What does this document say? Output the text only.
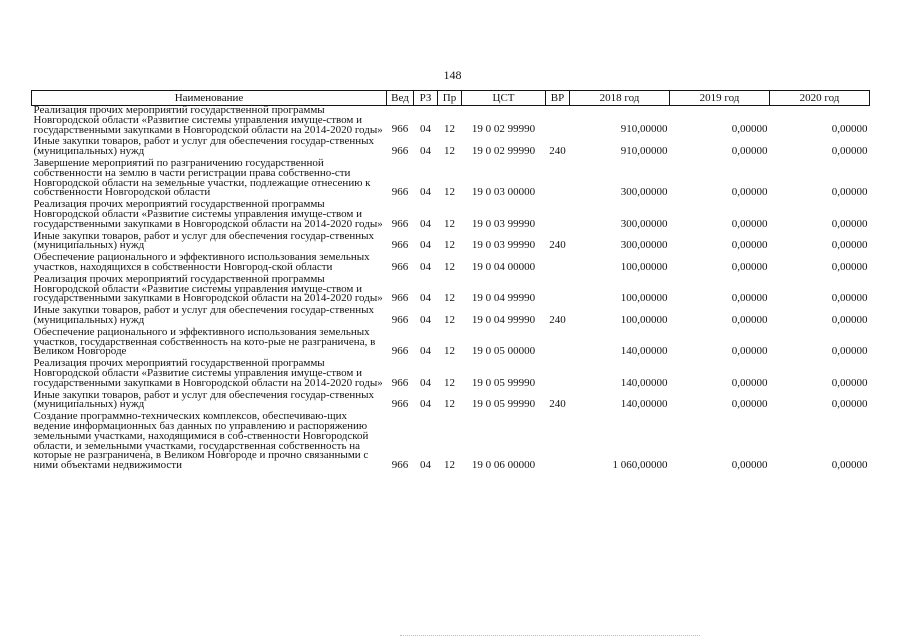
148
Наименование	Вед	РЗ	Пр	ЦСТ	ВР	2018 год	2019 год	2020 год
Реализация прочих мероприятий государственной программы Новгородской области «Развитие системы управления имуще-ством и государственными закупками в Новгородской области на 2014-2020 годы»	966	04	12	19 0 02 99990		910,00000	0,00000	0,00000
Иные закупки товаров, работ и услуг для обеспечения государ-ственных (муниципальных) нужд	966	04	12	19 0 02 99990	240	910,00000	0,00000	0,00000
Завершение мероприятий по разграничению государственной собственности на землю в части регистрации права собственно-сти Новгородской области на земельные участки, подлежащие отнесению к собственности Новгородской области	966	04	12	19 0 03 00000		300,00000	0,00000	0,00000
Реализация прочих мероприятий государственной программы Новгородской области «Развитие системы управления имуще-ством и государственными закупками в Новгородской области на 2014-2020 годы»	966	04	12	19 0 03 99990		300,00000	0,00000	0,00000
Иные закупки товаров, работ и услуг для обеспечения государ-ственных (муниципальных) нужд	966	04	12	19 0 03 99990	240	300,00000	0,00000	0,00000
Обеспечение рационального и эффективного использования земельных участков, находящихся в собственности Новгород-ской области	966	04	12	19 0 04 00000		100,00000	0,00000	0,00000
Реализация прочих мероприятий государственной программы Новгородской области «Развитие системы управления имуще-ством и государственными закупками в Новгородской области на 2014-2020 годы»	966	04	12	19 0 04 99990		100,00000	0,00000	0,00000
Иные закупки товаров, работ и услуг для обеспечения государ-ственных (муниципальных) нужд	966	04	12	19 0 04 99990	240	100,00000	0,00000	0,00000
Обеспечение рационального и эффективного использования земельных участков, государственная собственность на кото-рые не разграничена, в Великом Новгороде	966	04	12	19 0 05 00000		140,00000	0,00000	0,00000
Реализация прочих мероприятий государственной программы Новгородской области «Развитие системы управления имуще-ством и государственными закупками в Новгородской области на 2014-2020 годы»	966	04	12	19 0 05 99990		140,00000	0,00000	0,00000
Иные закупки товаров, работ и услуг для обеспечения государ-ственных (муниципальных) нужд	966	04	12	19 0 05 99990	240	140,00000	0,00000	0,00000
Создание программно-технических комплексов, обеспечиваю-щих ведение информационных баз данных по управлению и распоряжению земельными участками, находящимися в соб-ственности Новгородской области, и земельными участками, государственная собственность на которые не разграничена, в Великом Новгороде и прочно связанными с ними объектами недвижимости	966	04	12	19 0 06 00000		1 060,00000	0,00000	0,00000
